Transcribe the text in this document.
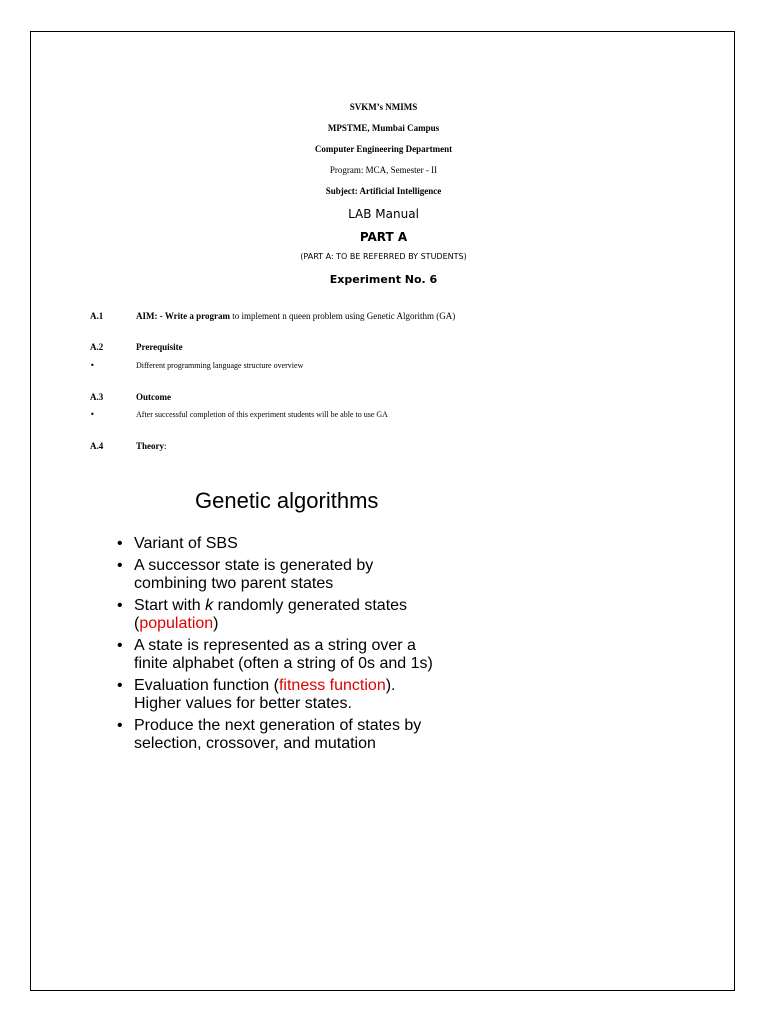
SVKM’s NMIMS
MPSTME, Mumbai Campus
Computer Engineering Department
Program: MCA, Semester - II
Subject: Artificial Intelligence
LAB Manual
PART A
(PART A: TO BE REFERRED BY STUDENTS)
Experiment No. 6
A.1	AIM: - Write a program to implement n queen problem using Genetic Algorithm (GA)
A.2	Prerequisite
•	Different programming language structure overview
A.3	Outcome
•	After successful completion of this experiment students will be able to use GA
A.4	Theory:
Genetic algorithms
• Variant of SBS
• A successor state is generated by
combining two parent states
• Start with k randomly generated states
(population)
• A state is represented as a string over a
finite alphabet (often a string of 0s and 1s)
• Evaluation function (fitness function).
Higher values for better states.
• Produce the next generation of states by
selection, crossover, and mutation
